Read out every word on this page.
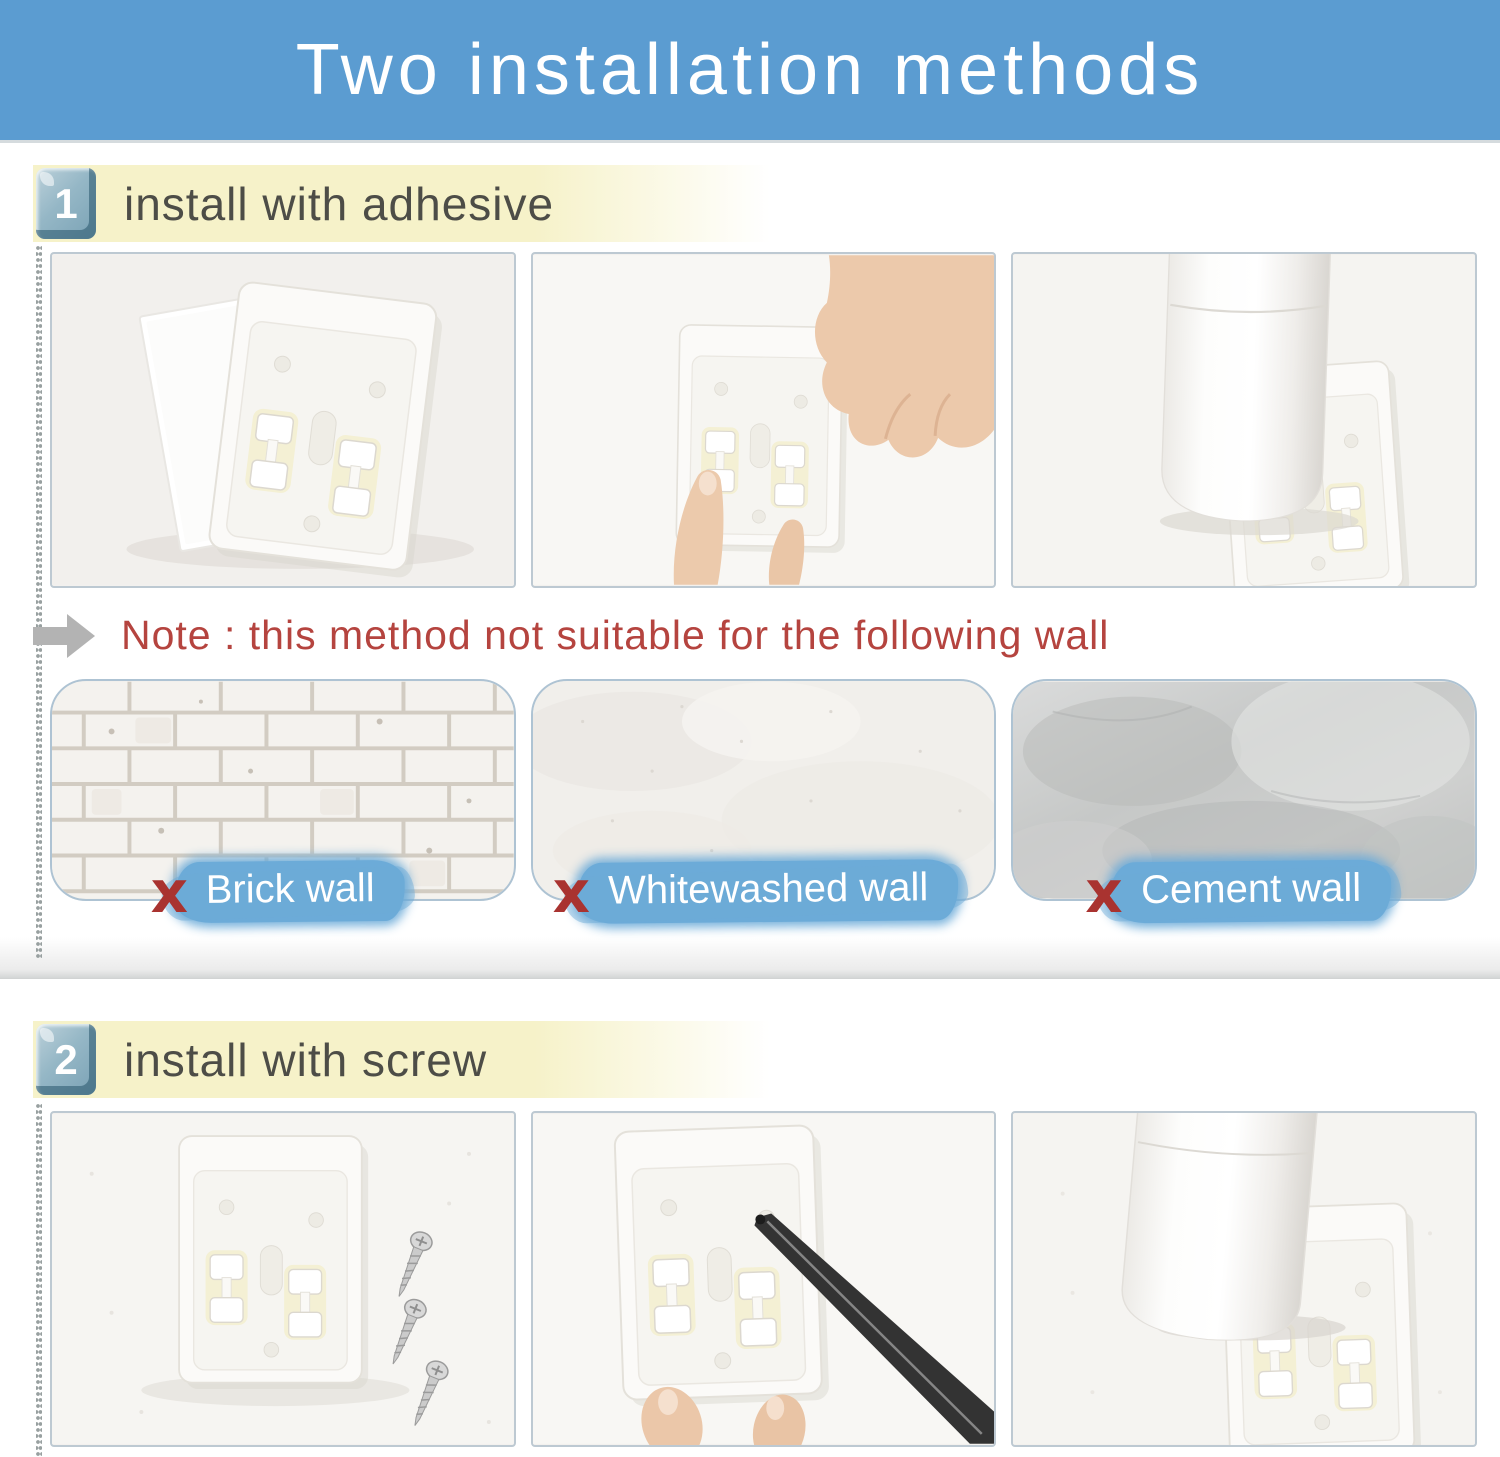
Two installation methods
1 install with adhesive
Note : this method not suitable for the following wall
x Brick wall	x Whitewashed wall	x Cement wall
2 install with screw
